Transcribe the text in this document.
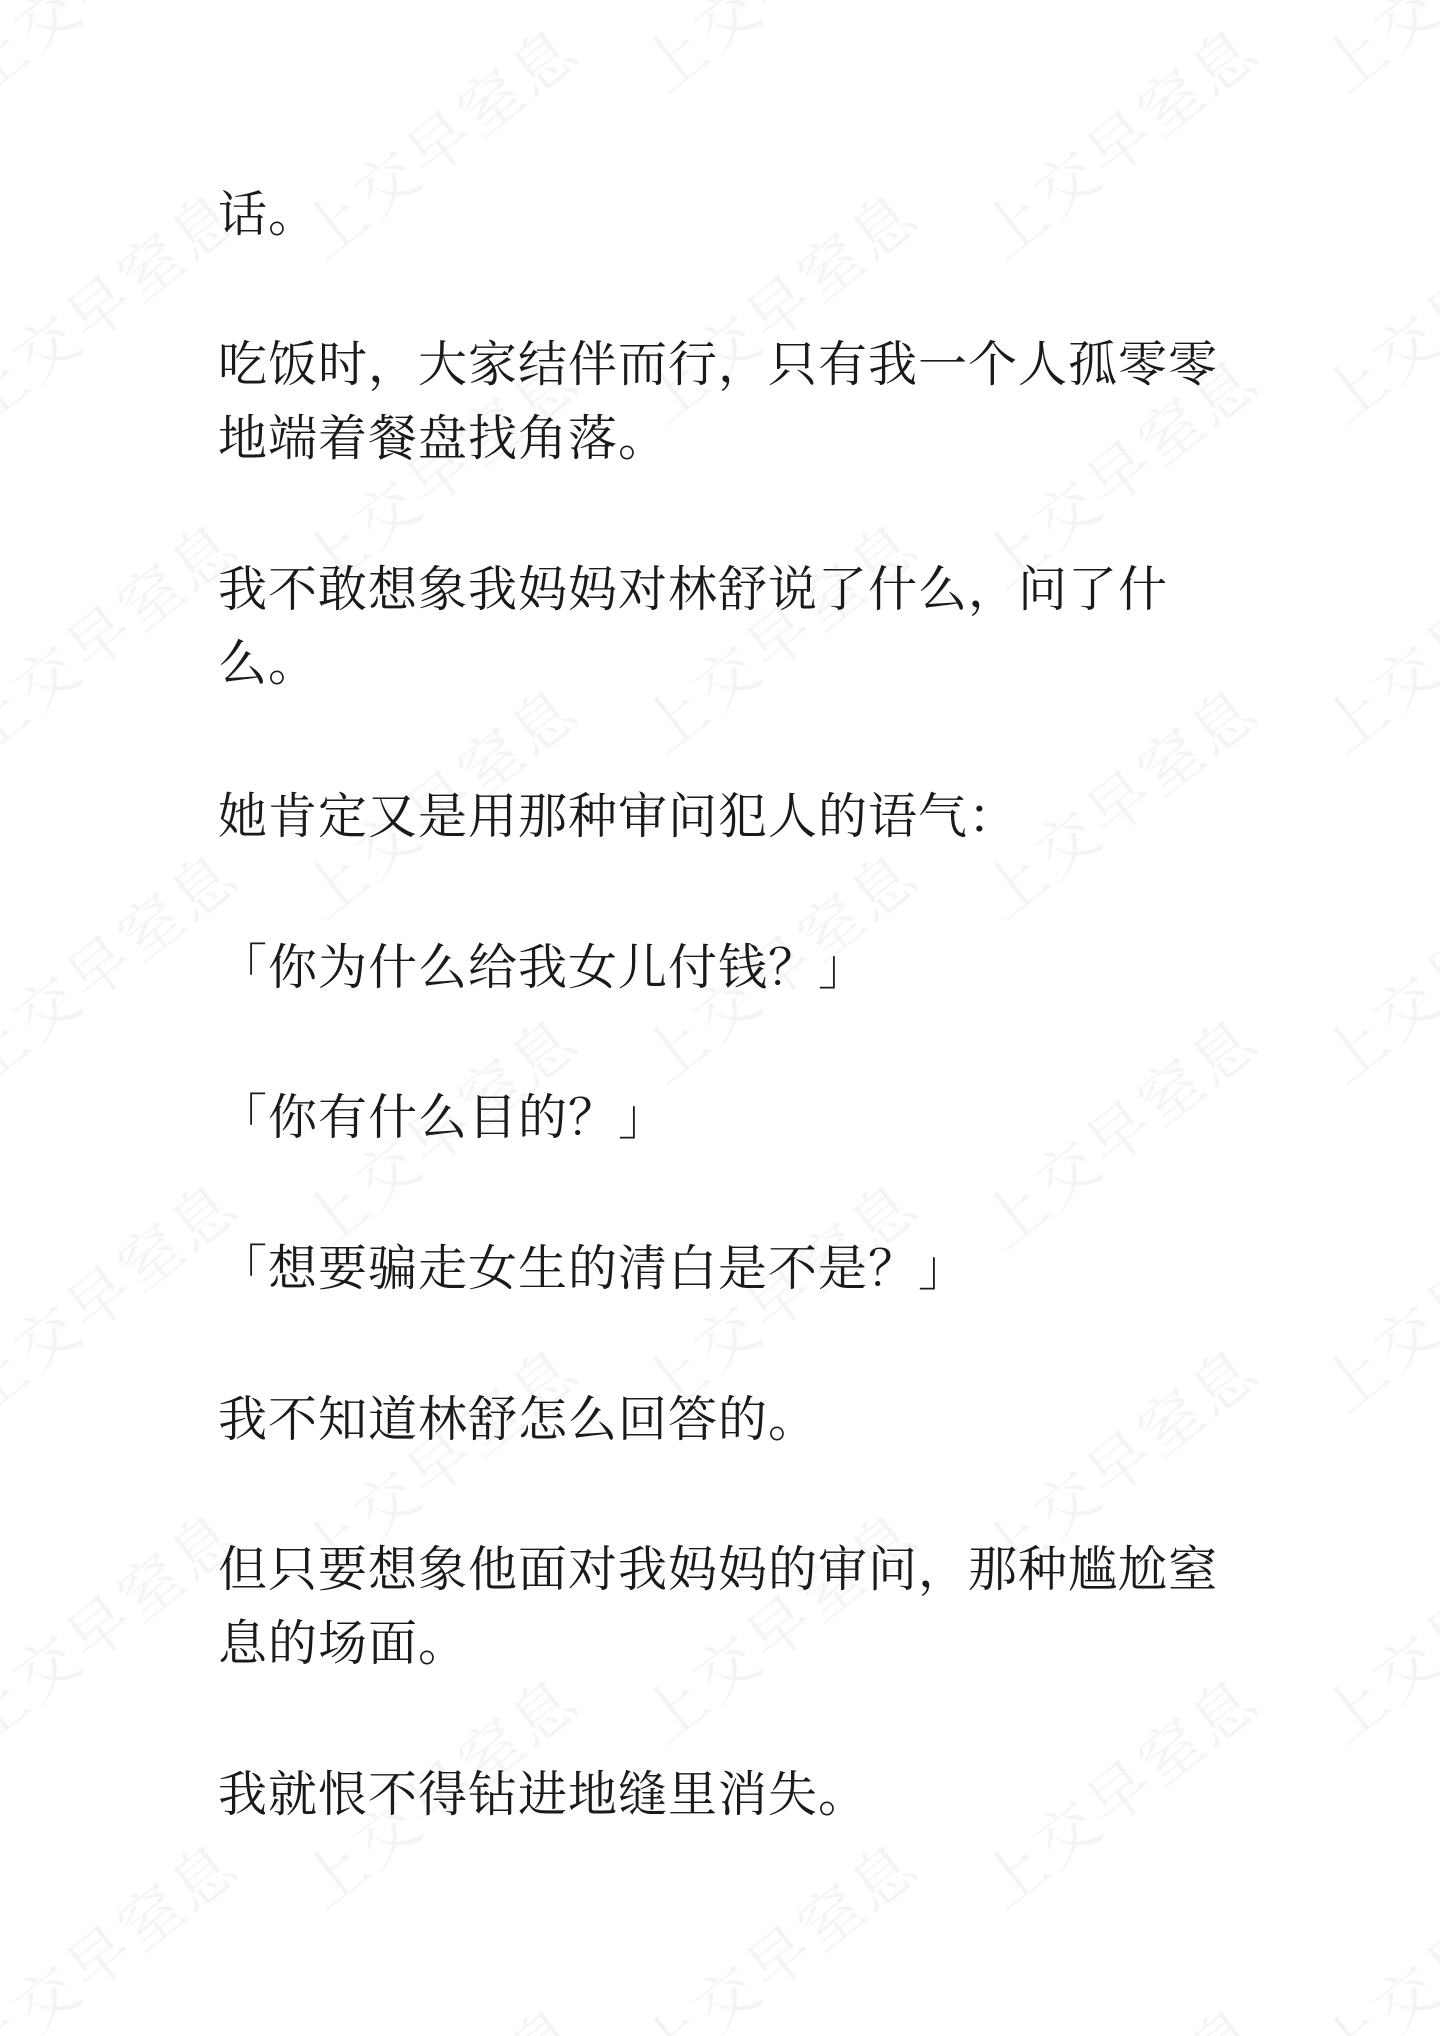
话。

吃饭时，大家结伴而行，只有我一个人孤零零地端着餐盘找角落。

我不敢想象我妈妈对林舒说了什么，问了什么。

她肯定又是用那种审问犯人的语气：

「你为什么给我女儿付钱？」

「你有什么目的？」

「想要骗走女生的清白是不是？」

我不知道林舒怎么回答的。

但只要想象他面对我妈妈的审问，那种尴尬窒息的场面。

我就恨不得钻进地缝里消失。
